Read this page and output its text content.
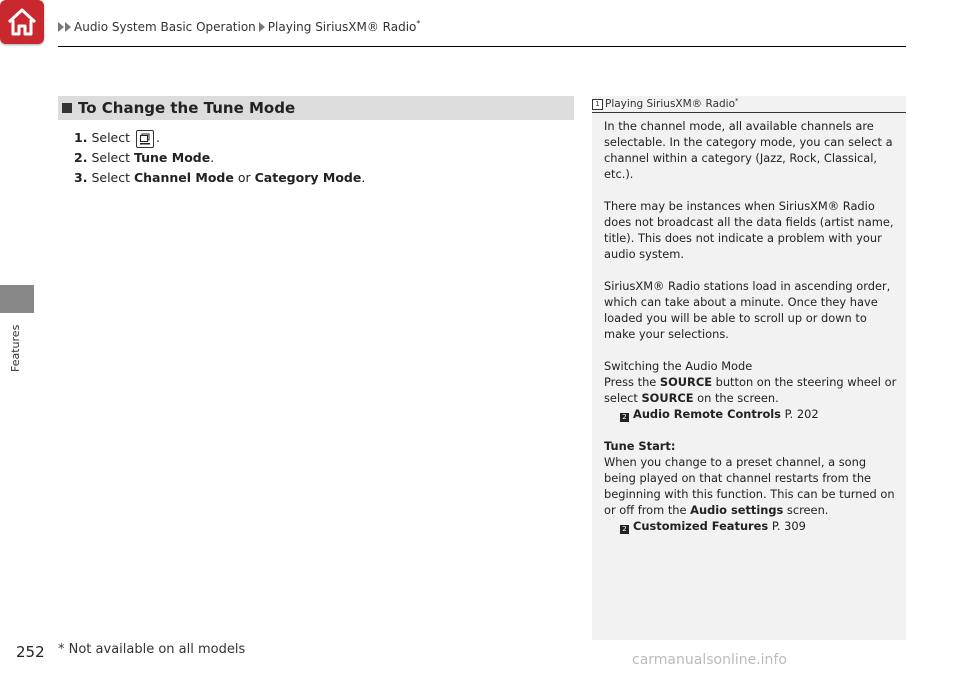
Audio System Basic Operation Playing SiriusXM® Radio *
Features
To Change the Tune Mode
1. Select .
2. Select Tune Mode.
3. Select Channel Mode or Category Mode.
1 Playing SiriusXM® Radio *

In the channel mode, all available channels are selectable. In the category mode, you can select a channel within a category (Jazz, Rock, Classical, etc.).

There may be instances when SiriusXM® Radio does not broadcast all the data fields (artist name, title). This does not indicate a problem with your audio system.

SiriusXM® Radio stations load in ascending order, which can take about a minute. Once they have loaded you will be able to scroll up or down to make your selections.

Switching the Audio Mode
Press the SOURCE button on the steering wheel or select SOURCE on the screen.
2 Audio Remote Controls P. 202

Tune Start:
When you change to a preset channel, a song being played on that channel restarts from the beginning with this function. This can be turned on or off from the Audio settings screen.
2 Customized Features P. 309

252 * Not available on all models
carmanualsonline.info
